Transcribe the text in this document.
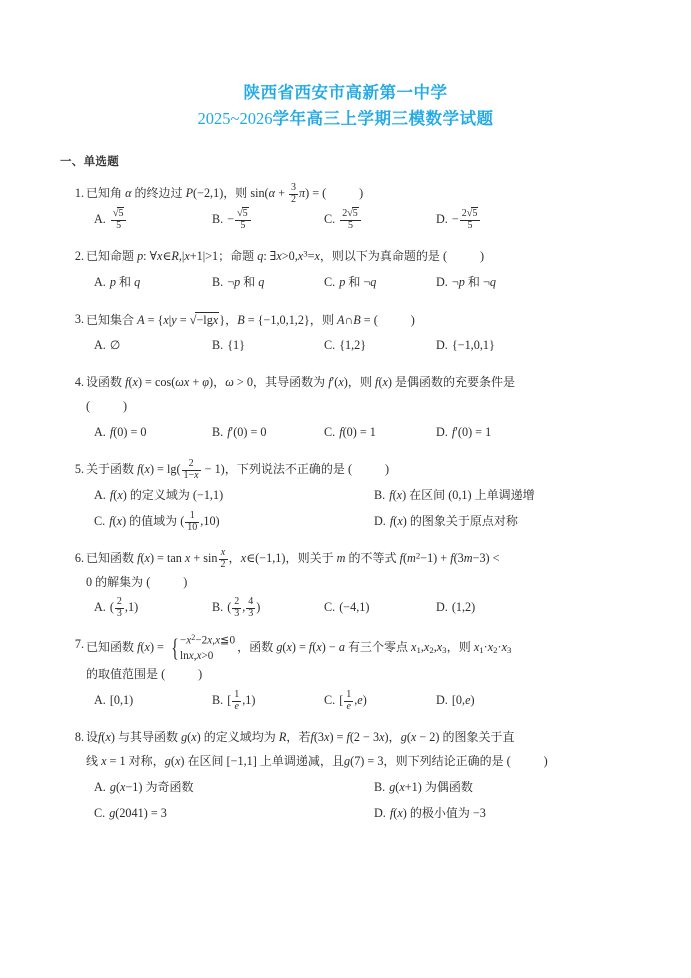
陕西省西安市高新第一中学
2025~2026学年高三上学期三模数学试题
一、单选题
1. 已知角 α 的终边过 P(−2,1)，则 $\sin(\alpha + \frac{3}{2} \pi)$ = (	)
A. $\frac{√5}{5}$	B. − $\frac{√5}{5}$	C. $\frac{2√5}{5}$	D. − $\frac{2√5}{5}$
2. 已知命题 p: ∀x∈R,|x+1|>1；命题 q: $\exists x>0,x^3=x$，则以下为真命题的是 (	)
A. p 和 q	B. ¬p 和 q	C. p 和 ¬q	D. ¬p 和 ¬q
3. 已知集合 A = {x|y = √−lgx}，B = {−1,0,1,2}，则 A∩B = (	)
A. ∅	B. {1}	C. {1,2}	D. {−1,0,1}
4. 设函数 f(x) = cos(ωx + φ)，ω > 0，其导函数为 f′(x)，则 f(x) 是偶函数的充要条件是
(	)
A. f(0) = 0	B. f′(0) = 0	C. f(0) = 1	D. f′(0) = 1
5. 关于函数 $f(x) = \lg( \frac{2}{1-x} - 1)$，下列说法不正确的是 (	)
A. f(x) 的定义域为 (−1,1)	B. f(x) 在区间 (0,1) 上单调递增
C. f(x) 的值域为 ( $\frac{1}{10} ,10$)	D. f(x) 的图象关于原点对称
6. 已知函数 $f(x) = \tan x + \sin \frac{x}{2}$ ，x∈(−1,1)，则关于 m 的不等式 $f(m^2-1) + f(3m-3)$ <
0 的解集为 (	)
A. ( $\frac{2}{3} ,1$)	B. ( $\frac{2}{3}$ , $\frac{4}{3}$ )	C. (−4,1)	D. (1,2)
7. 已知函数 f(x) = { $-x^2-2x,x≦0$
lnx,x>0
，函数 g(x) = f(x) − a 有三个零点 $x_1,x_2,x_3$，则 $x_1\cdot x_2\cdot x_3$
的取值范围是 (	)
A. [0,1)	B. [ $\frac{1}{e} ,1$)	C. [ $\frac{1}{e} ,e$)	D. [0,e)
8. 设f(x) 与其导函数 g(x) 的定义域均为 R，若f(3x) = f(2 − 3x)，g(x − 2) 的图象关于直
线 x = 1 对称，g(x) 在区间 [−1,1] 上单调递减，且g(7) = 3，则下列结论正确的是 (	)
A. g(x−1) 为奇函数	B. g(x+1) 为偶函数
C. g(2041) = 3	D. f(x) 的极小值为 −3
